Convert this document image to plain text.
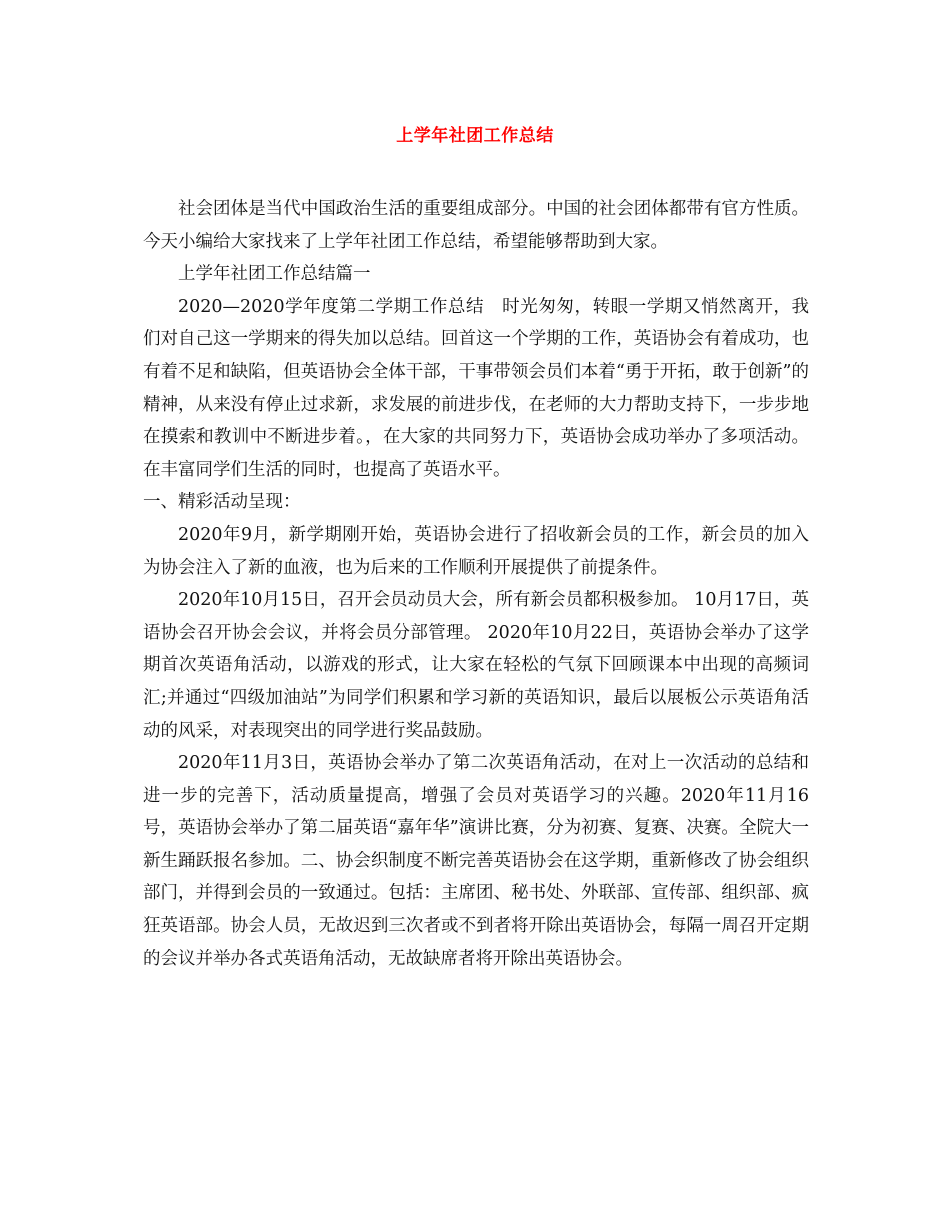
上学年社团工作总结

社会团体是当代中国政治生活的重要组成部分。中国的社会团体都带有官方性质。今天小编给大家找来了上学年社团工作总结，希望能够帮助到大家。

上学年社团工作总结篇一

2020—2020学年度第二学期工作总结　时光匆匆，转眼一学期又悄然离开，我们对自己这一学期来的得失加以总结。回首这一个学期的工作，英语协会有着成功，也有着不足和缺陷，但英语协会全体干部，干事带领会员们本着“勇于开拓，敢于创新”的精神，从来没有停止过求新，求发展的前进步伐，在老师的大力帮助支持下，一步步地在摸索和教训中不断进步着。，在大家的共同努力下，英语协会成功举办了多项活动。在丰富同学们生活的同时，也提高了英语水平。

一、精彩活动呈现：

2020年9月，新学期刚开始，英语协会进行了招收新会员的工作，新会员的加入为协会注入了新的血液，也为后来的工作顺利开展提供了前提条件。

2020年10月15日，召开会员动员大会，所有新会员都积极参加。 10月17日，英语协会召开协会会议，并将会员分部管理。 2020年10月22日，英语协会举办了这学期首次英语角活动，以游戏的形式，让大家在轻松的气氛下回顾课本中出现的高频词汇;并通过“四级加油站”为同学们积累和学习新的英语知识，最后以展板公示英语角活动的风采，对表现突出的同学进行奖品鼓励。

2020年11月3日，英语协会举办了第二次英语角活动，在对上一次活动的总结和进一步的完善下，活动质量提高，增强了会员对英语学习的兴趣。2020年11月16号，英语协会举办了第二届英语“嘉年华”演讲比赛，分为初赛、复赛、决赛。全院大一新生踊跃报名参加。二、协会织制度不断完善英语协会在这学期，重新修改了协会组织部门，并得到会员的一致通过。包括：主席团、秘书处、外联部、宣传部、组织部、疯狂英语部。协会人员，无故迟到三次者或不到者将开除出英语协会，每隔一周召开定期的会议并举办各式英语角活动，无故缺席者将开除出英语协会。
